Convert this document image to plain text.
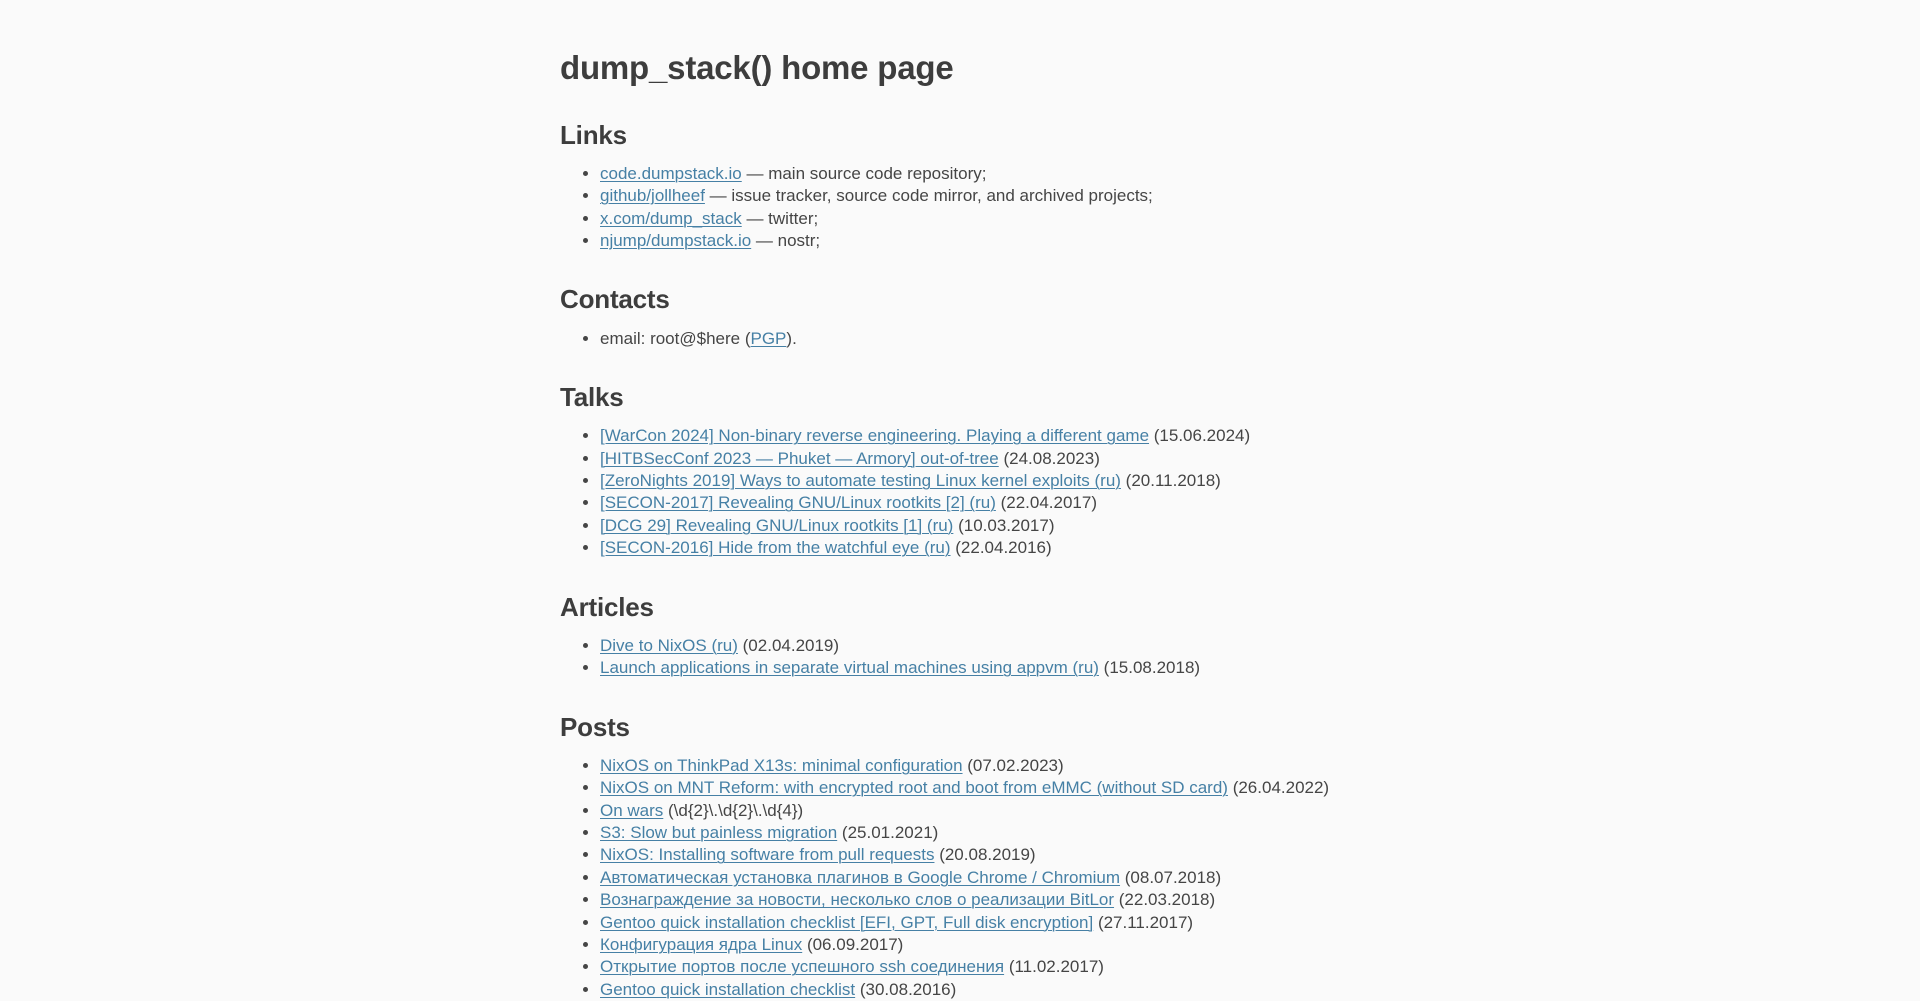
dump_stack() home page
Links
• code.dumpstack.io — main source code repository;
• github/jollheef — issue tracker, source code mirror, and archived projects;
• x.com/dump_stack — twitter;
• njump/dumpstack.io — nostr;
Contacts
• email: root@$here (PGP).
Talks
• [WarCon 2024] Non-binary reverse engineering. Playing a different game (15.06.2024)
• [HITBSecConf 2023 — Phuket — Armory] out-of-tree (24.08.2023)
• [ZeroNights 2019] Ways to automate testing Linux kernel exploits (ru) (20.11.2018)
• [SECON-2017] Revealing GNU/Linux rootkits [2] (ru) (22.04.2017)
• [DCG 29] Revealing GNU/Linux rootkits [1] (ru) (10.03.2017)
• [SECON-2016] Hide from the watchful eye (ru) (22.04.2016)
Articles
• Dive to NixOS (ru) (02.04.2019)
• Launch applications in separate virtual machines using appvm (ru) (15.08.2018)
Posts
• NixOS on ThinkPad X13s: minimal configuration (07.02.2023)
• NixOS on MNT Reform: with encrypted root and boot from eMMC (without SD card) (26.04.2022)
• On wars (\d{2}\.\d{2}\.\d{4})
• S3: Slow but painless migration (25.01.2021)
• NixOS: Installing software from pull requests (20.08.2019)
• Автоматическая установка плагинов в Google Chrome / Chromium (08.07.2018)
• Вознаграждение за новости, несколько слов о реализации BitLor (22.03.2018)
• Gentoo quick installation checklist [EFI, GPT, Full disk encryption] (27.11.2017)
• Конфигурация ядра Linux (06.09.2017)
• Открытие портов после успешного ssh соединения (11.02.2017)
• Gentoo quick installation checklist (30.08.2016)
